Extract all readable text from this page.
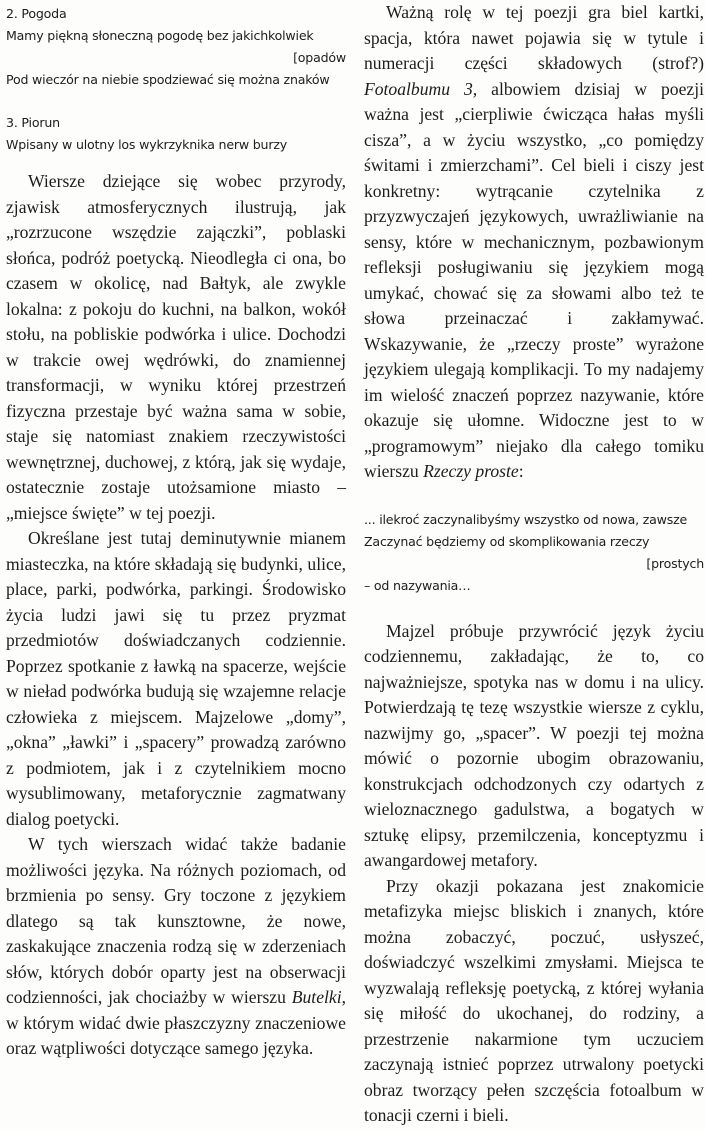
2. Pogoda
Mamy piękną słoneczną pogodę bez jakichkolwiek
[opadów
Pod wieczór na niebie spodziewać się można znaków
3. Piorun
Wpisany w ulotny los wykrzyknika nerw burzy

Wiersze dziejące się wobec przyrody, zjawisk atmosferycznych ilustrują, jak „rozrzucone wszędzie zajączki”, poblaski słońca, podróż poetycką. Nieodległa ci ona, bo czasem w okolicę, nad Bałtyk, ale zwykle lokalna: z pokoju do kuchni, na balkon, wokół stołu, na pobliskie podwórka i ulice. Dochodzi w trakcie owej wędrówki, do znamiennej transformacji, w wyniku której przestrzeń fizyczna przestaje być ważna sama w sobie, staje się natomiast znakiem rzeczywistości wewnętrznej, duchowej, z którą, jak się wydaje, ostatecznie zostaje utożsamione miasto – „miejsce święte” w tej poezji.

Określane jest tutaj deminutywnie mianem miasteczka, na które składają się budynki, ulice, place, parki, podwórka, parkingi. Środowisko życia ludzi jawi się tu przez pryzmat przedmiotów doświadczanych codziennie. Poprzez spotkanie z ławką na spacerze, wejście w nieład podwórka budują się wzajemne relacje człowieka z miejscem. Majzelowe „domy”, „okna” „ławki” i „spacery” prowadzą zarówno z podmiotem, jak i z czytelnikiem mocno wysublimowany, metaforycznie zagmatwany dialog poetycki.

W tych wierszach widać także badanie możliwości języka. Na różnych poziomach, od brzmienia po sensy. Gry toczone z językiem dlatego są tak kunsztowne, że nowe, zaskakujące znaczenia rodzą się w zderzeniach słów, których dobór oparty jest na obserwacji codzienności, jak chociażby w wierszu Butelki, w którym widać dwie płaszczyzny znaczeniowe oraz wątpliwości dotyczące samego języka.

Ważną rolę w tej poezji gra biel kartki, spacja, która nawet pojawia się w tytule i numeracji części składowych (strof?) Fotoalbumu 3, albowiem dzisiaj w poezji ważna jest „cierpliwie ćwicząca hałas myśli cisza”, a w życiu wszystko, „co pomiędzy świtami i zmierzchami”. Cel bieli i ciszy jest konkretny: wytrącanie czytelnika z przyzwyczajeń językowych, uwrażliwianie na sensy, które w mechanicznym, pozbawionym refleksji posługiwaniu się językiem mogą umykać, chować się za słowami albo też te słowa przeinaczać i zakłamywać. Wskazywanie, że „rzeczy proste” wyrażone językiem ulegają komplikacji. To my nadajemy im wielość znaczeń poprzez nazywanie, które okazuje się ułomne. Widoczne jest to w „programowym” niejako dla całego tomiku wierszu Rzeczy proste:

... ilekroć zaczynalibyśmy wszystko od nowa, zawsze
Zaczynać będziemy od skomplikowania rzeczy
[prostych
– od nazywania…

Majzel próbuje przywrócić język życiu codziennemu, zakładając, że to, co najważniejsze, spotyka nas w domu i na ulicy. Potwierdzają tę tezę wszystkie wiersze z cyklu, nazwijmy go, „spacer”. W poezji tej można mówić o pozornie ubogim obrazowaniu, konstrukcjach odchodzonych czy odartych z wieloznacznego gadulstwa, a bogatych w sztukę elipsy, przemilczenia, konceptyzmu i awangardowej metafory.

Przy okazji pokazana jest znakomicie metafizyka miejsc bliskich i znanych, które można zobaczyć, poczuć, usłyszeć, doświadczyć wszelkimi zmysłami. Miejsca te wyzwalają refleksję poetycką, z której wyłania się miłość do ukochanej, do rodziny, a przestrzenie nakarmione tym uczuciem zaczynają istnieć poprzez utrwalony poetycki obraz tworzący pełen szczęścia fotoalbum w tonacji czerni i bieli.
